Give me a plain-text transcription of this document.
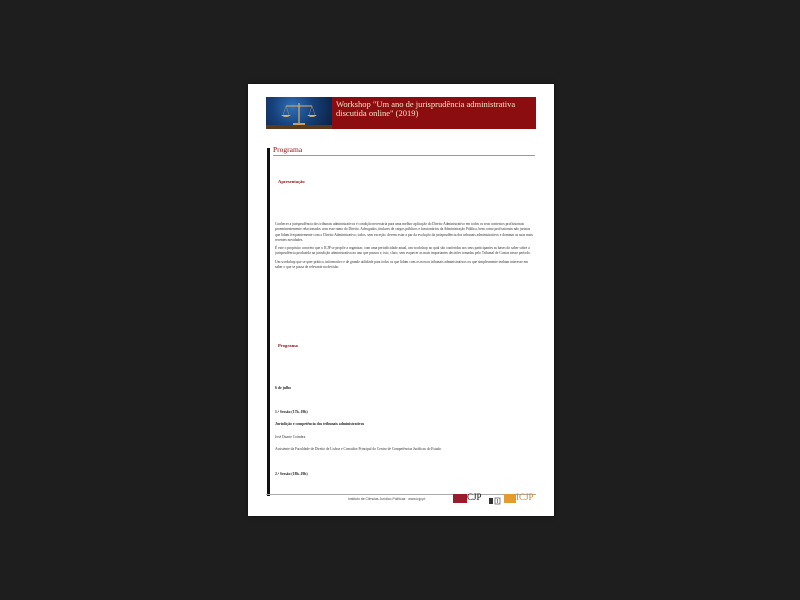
Workshop "Um ano de jurisprudência administrativa
discutida online" (2019)
Programa
Apresentação

Conhecer a jurisprudência dos tribunais administrativos é condição necessária para uma melhor aplicação do Direito Administrativo em todos os seus contextos profissionais proeminentemente relacionados com esse ramo do Direito. Advogados, titulares de cargos públicos e funcionários da Administração Pública, bem como profissionais não juristas que lidam frequentemente com o Direito Administrativo, todos, sem exceção, devem estar a par da evolução da jurisprudência dos tribunais administrativos e dominar as suas mais recentes novidades.

É este o propósito concreto que o ICJP se propõe a organizar, com uma periodicidade anual, um workshop no qual são conferidas aos seus participantes as bases do saber sobre a jurisprudência produzida na jurisdição administrativa no ano que passou e, isto, claro, sem esquecer as mais importantes decisões tomadas pelo Tribunal de Contas nesse período.

Um workshop que se quer prático, informativo e de grande utilidade para todos os que lidam com os nossos tribunais administrativos ou que simplesmente tenham interesse em saber o que se passa de relevante na decisão.

Programa
6 de julho
1.ª Sessão (17h–19h)
Jurisdição e competência dos tribunais administrativos
José Duarte Coimbra
Assistente da Faculdade de Direito de Lisboa e Consultor Principal do Centro de Competências Jurídicas do Estado
2.ª Sessão (18h–19h)
Instituto de Ciências Jurídico-Políticas · www.icjp.pt	CJP	ICJP
